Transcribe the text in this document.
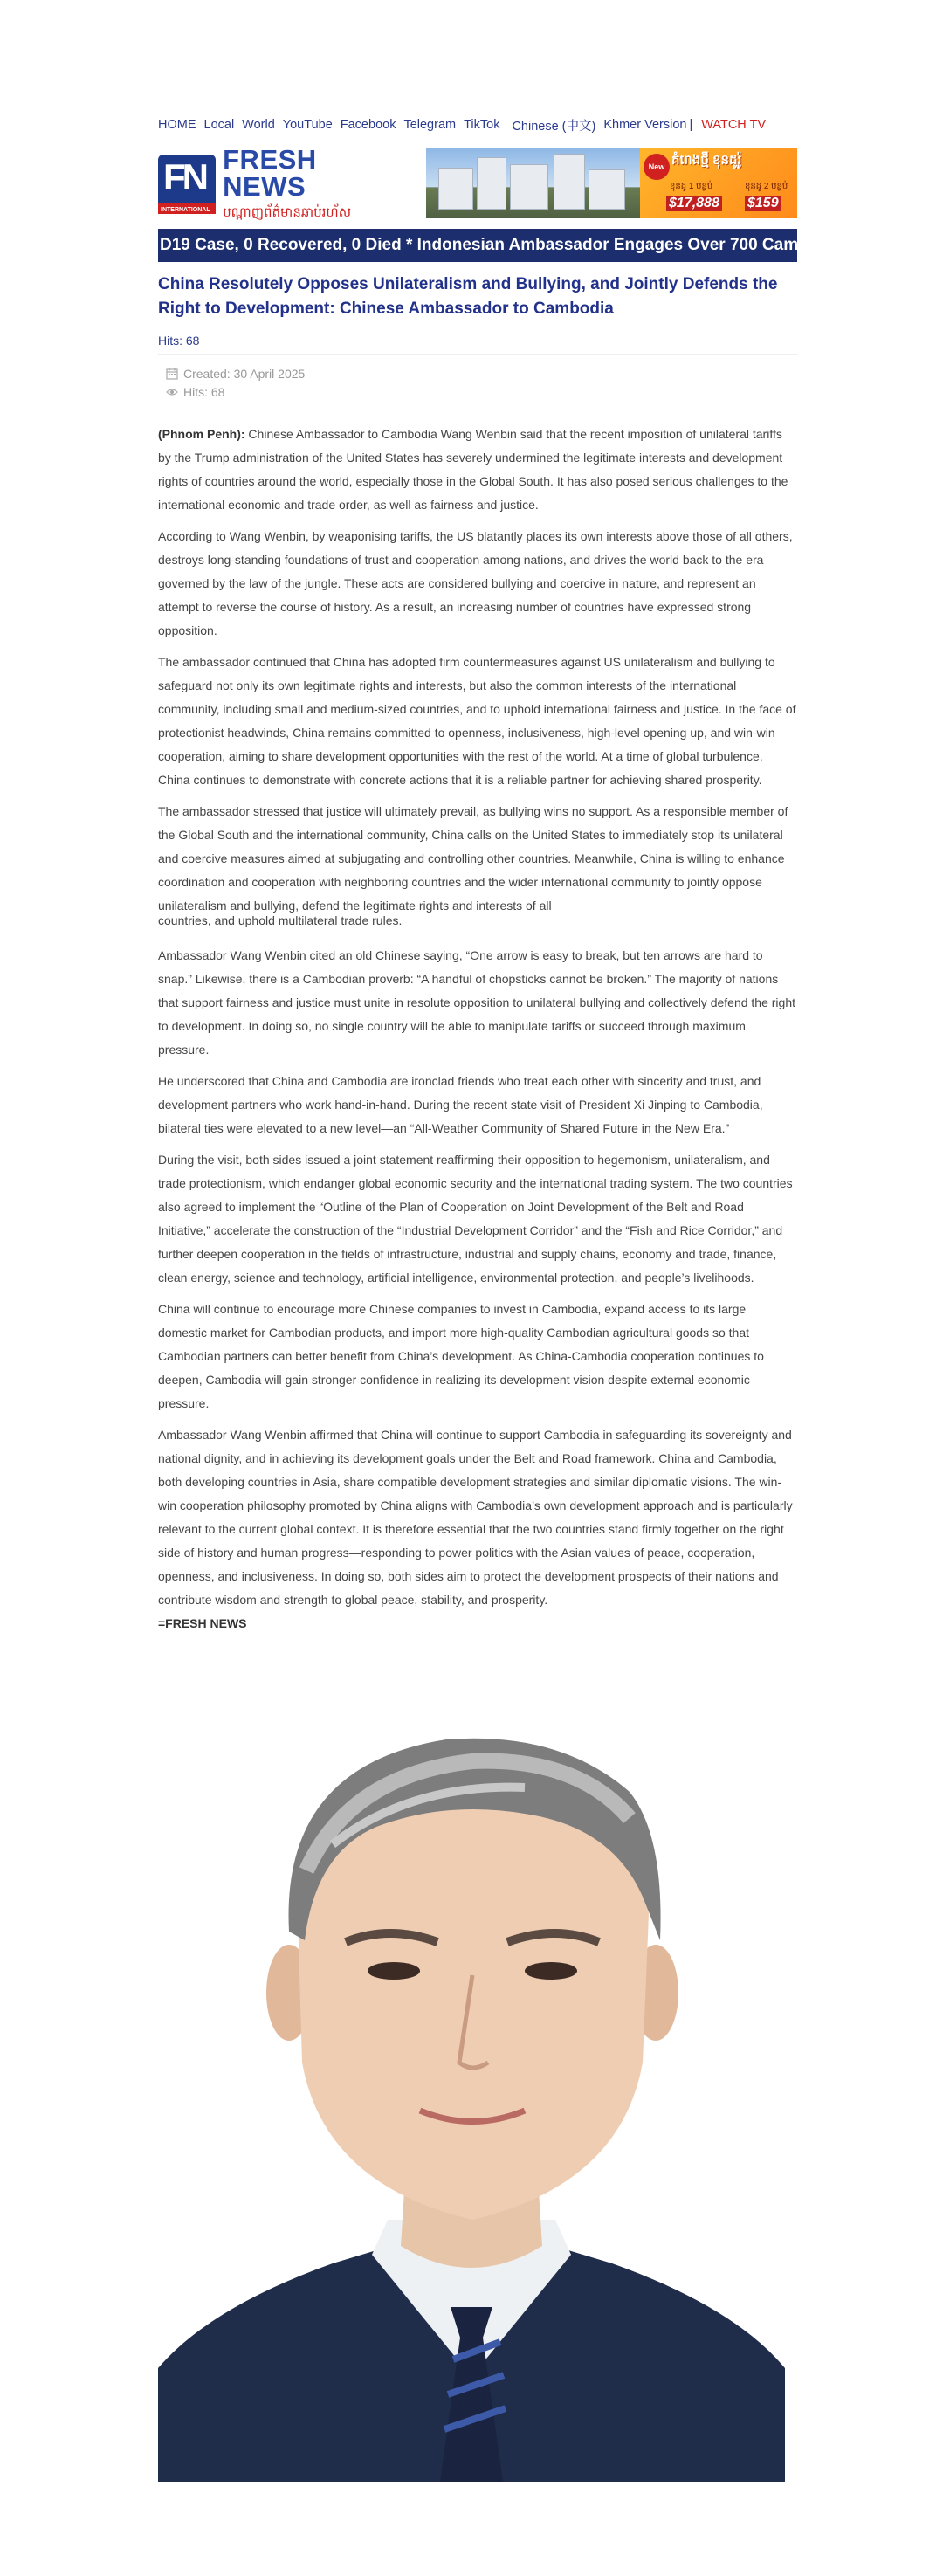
HOME Local World YouTube Facebook Telegram TikTok Chinese (中文) Khmer Version | WATCH TV
FN
INTERNATIONAL
FRESH NEWS
បណ្ដាញព័ត៌មានឆាប់រហ័ស
New គំរោងថ្មី ខុនដូរ៉ូ
ខុនដូ 1 បន្ទប់	ខុនដូ 2 បន្ទប់
$17,888 $159
D19 Case, 0 Recovered, 0 Died * Indonesian Ambassador Engages Over 700 Cambodian Student
China Resolutely Opposes Unilateralism and Bullying, and Jointly Defends the Right to Development: Chinese Ambassador to Cambodia
Hits: 68
Created: 30 April 2025
Hits: 68

(Phnom Penh): Chinese Ambassador to Cambodia Wang Wenbin said that the recent imposition of unilateral tariffs by the Trump administration of the United States has severely undermined the legitimate interests and development rights of countries around the world, especially those in the Global South. It has also posed serious challenges to the international economic and trade order, as well as fairness and justice.

According to Wang Wenbin, by weaponising tariffs, the US blatantly places its own interests above those of all others, destroys long-standing foundations of trust and cooperation among nations, and drives the world back to the era governed by the law of the jungle. These acts are considered bullying and coercive in nature, and represent an attempt to reverse the course of history. As a result, an increasing number of countries have expressed strong opposition.

The ambassador continued that China has adopted firm countermeasures against US unilateralism and bullying to safeguard not only its own legitimate rights and interests, but also the common interests of the international community, including small and medium-sized countries, and to uphold international fairness and justice. In the face of protectionist headwinds, China remains committed to openness, inclusiveness, high-level opening up, and win-win cooperation, aiming to share development opportunities with the rest of the world. At a time of global turbulence, China continues to demonstrate with concrete actions that it is a reliable partner for achieving shared prosperity.

The ambassador stressed that justice will ultimately prevail, as bullying wins no support. As a responsible member of the Global South and the international community, China calls on the United States to immediately stop its unilateral and coercive measures aimed at subjugating and controlling other countries. Meanwhile, China is willing to enhance coordination and cooperation with neighboring countries and the wider international community to jointly oppose unilateralism and bullying, defend the legitimate rights and interests of all

countries, and uphold multilateral trade rules.

Ambassador Wang Wenbin cited an old Chinese saying, “One arrow is easy to break, but ten arrows are hard to snap.” Likewise, there is a Cambodian proverb: “A handful of chopsticks cannot be broken.” The majority of nations that support fairness and justice must unite in resolute opposition to unilateral bullying and collectively defend the right to development. In doing so, no single country will be able to manipulate tariffs or succeed through maximum pressure.

He underscored that China and Cambodia are ironclad friends who treat each other with sincerity and trust, and development partners who work hand-in-hand. During the recent state visit of President Xi Jinping to Cambodia, bilateral ties were elevated to a new level—an “All-Weather Community of Shared Future in the New Era.”

During the visit, both sides issued a joint statement reaffirming their opposition to hegemonism, unilateralism, and trade protectionism, which endanger global economic security and the international trading system. The two countries also agreed to implement the “Outline of the Plan of Cooperation on Joint Development of the Belt and Road Initiative,” accelerate the construction of the “Industrial Development Corridor” and the “Fish and Rice Corridor,” and further deepen cooperation in the fields of infrastructure, industrial and supply chains, economy and trade, finance, clean energy, science and technology, artificial intelligence, environmental protection, and people’s livelihoods.

China will continue to encourage more Chinese companies to invest in Cambodia, expand access to its large domestic market for Cambodian products, and import more high-quality Cambodian agricultural goods so that Cambodian partners can better benefit from China’s development. As China-Cambodia cooperation continues to deepen, Cambodia will gain stronger confidence in realizing its development vision despite external economic pressure.

Ambassador Wang Wenbin affirmed that China will continue to support Cambodia in safeguarding its sovereignty and national dignity, and in achieving its development goals under the Belt and Road framework. China and Cambodia, both developing countries in Asia, share compatible development strategies and similar diplomatic visions. The win-win cooperation philosophy promoted by China aligns with Cambodia’s own development approach and is particularly relevant to the current global context. It is therefore essential that the two countries stand firmly together on the right side of history and human progress—responding to power politics with the Asian values of peace, cooperation, openness, and inclusiveness. In doing so, both sides aim to protect the development prospects of their nations and contribute wisdom and strength to global peace, stability, and prosperity.

=FRESH NEWS
